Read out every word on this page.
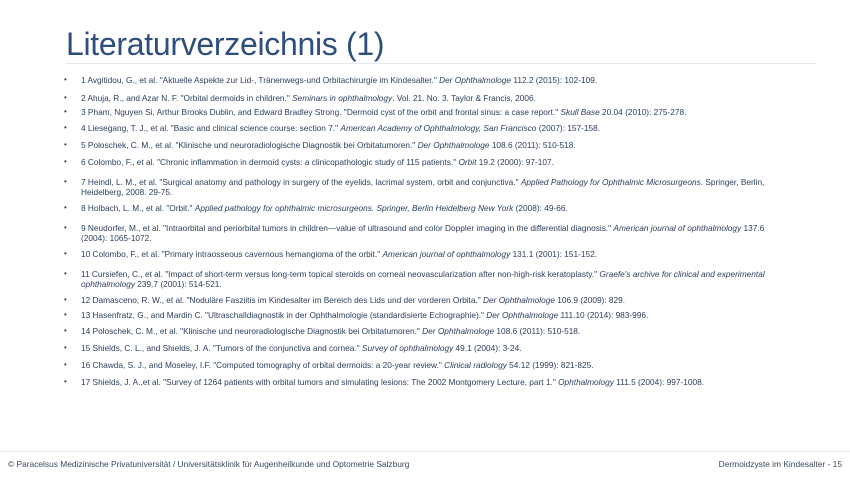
Literaturverzeichnis (1)
• 1 Avgitidou, G., et al. "Aktuelle Aspekte zur Lid-, Tränenwegs-und Orbitachirurgie im Kindesalter." Der Ophthalmologe 112.2 (2015): 102-109.
• 2 Ahuja, R., and Azar N. F. "Orbital dermoids in children." Seminars in ophthalmology. Vol. 21. No. 3. Taylor & Francis, 2006.
• 3 Pham, Nguyen Si, Arthur Brooks Dublin, and Edward Bradley Strong. "Dermoid cyst of the orbit and frontal sinus: a case report." Skull Base 20.04 (2010): 275-278.
• 4 Liesegang, T. J., et al. "Basic and clinical science course: section 7." American Academy of Ophthalmology, San Francisco (2007): 157-158.
• 5 Poloschek, C. M., et al. "Klinische und neuroradiologische Diagnostik bei Orbitatumoren." Der Ophthalmologe 108.6 (2011): 510-518.
• 6 Colombo, F., et al. "Chronic inflammation in dermoid cysts: a clinicopathologic study of 115 patients." Orbit 19.2 (2000): 97-107.
• 7 Heindl, L. M., et al. "Surgical anatomy and pathology in surgery of the eyelids, lacrimal system, orbit and conjunctiva." Applied Pathology for Ophthalmic Microsurgeons. Springer, Berlin, Heidelberg, 2008. 29-75.
• 8 Holbach, L. M., et al. "Orbit." Applied pathology for ophthalmic microsurgeons. Springer, Berlin Heidelberg New York (2008): 49-66.
• 9 Neudorfer, M., et al. "Intraorbital and periorbital tumors in children—value of ultrasound and color Doppler imaging in the differential diagnosis." American journal of ophthalmology 137.6 (2004): 1065-1072.
• 10 Colombo, F., et al. "Primary intraosseous cavernous hemangioma of the orbit." American journal of ophthalmology 131.1 (2001): 151-152.
• 11 Cursiefen, C., et al. "Impact of short-term versus long-term topical steroids on corneal neovascularization after non-high-risk keratoplasty." Graefe's archive for clinical and experimental ophthalmology 239.7 (2001): 514-521.
• 12 Damasceno, R. W., et al. "Noduläre Fasziitis im Kindesalter im Bereich des Lids und der vorderen Orbita." Der Ophthalmologe 106.9 (2009): 829.
• 13 Hasenfratz, G., and Mardin C. "Ultraschalldiagnostik in der Ophthalmologie (standardisierte Echographie)." Der Ophthalmologe 111.10 (2014): 983-996.
• 14 Poloschek, C. M., et al. "Klinische und neuroradiologische Diagnostik bei Orbitatumoren." Der Ophthalmologe 108.6 (2011): 510-518.
• 15 Shields, C. L., and Shields, J. A. "Tumors of the conjunctiva and cornea." Survey of ophthalmology 49.1 (2004): 3-24.
• 16 Chawda, S. J., and Moseley, I.F. "Computed tomography of orbital dermoids: a 20-year review." Clinical radiology 54.12 (1999): 821-825.
• 17 Shields, J. A.,et al. "Survey of 1264 patients with orbital tumors and simulating lesions: The 2002 Montgomery Lecture, part 1." Ophthalmology 111.5 (2004): 997-1008.
© Paracelsus Medizinische Privatuniversität / Universitätsklinik für Augenheilkunde und Optometrie Salzburg	Dermoidzyste im Kindesalter - 15
